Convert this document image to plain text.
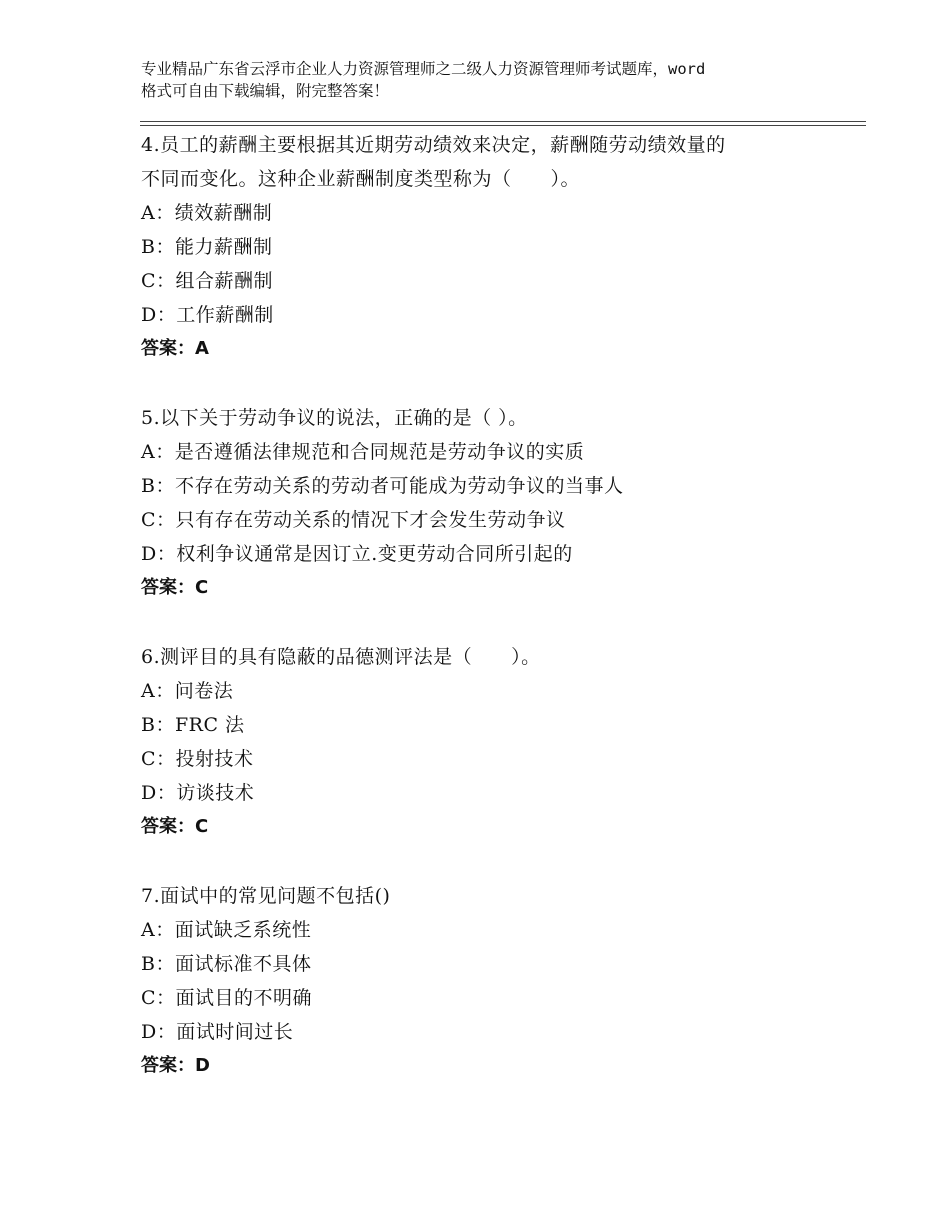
专业精品广东省云浮市企业人力资源管理师之二级人力资源管理师考试题库，word
格式可自由下载编辑，附完整答案！

4.员工的薪酬主要根据其近期劳动绩效来决定，薪酬随劳动绩效量的

不同而变化。这种企业薪酬制度类型称为（　　）。

A：绩效薪酬制

B：能力薪酬制

C：组合薪酬制

D：工作薪酬制

答案：A

5.以下关于劳动争议的说法，正确的是（ ）。

A：是否遵循法律规范和合同规范是劳动争议的实质

B：不存在劳动关系的劳动者可能成为劳动争议的当事人

C：只有存在劳动关系的情况下才会发生劳动争议

D：权利争议通常是因订立.变更劳动合同所引起的

答案：C

6.测评目的具有隐蔽的品德测评法是（　　）。

A：问卷法

B：FRC 法

C：投射技术

D：访谈技术

答案：C

7.面试中的常见问题不包括()

A：面试缺乏系统性

B：面试标准不具体

C：面试目的不明确

D：面试时间过长

答案：D
